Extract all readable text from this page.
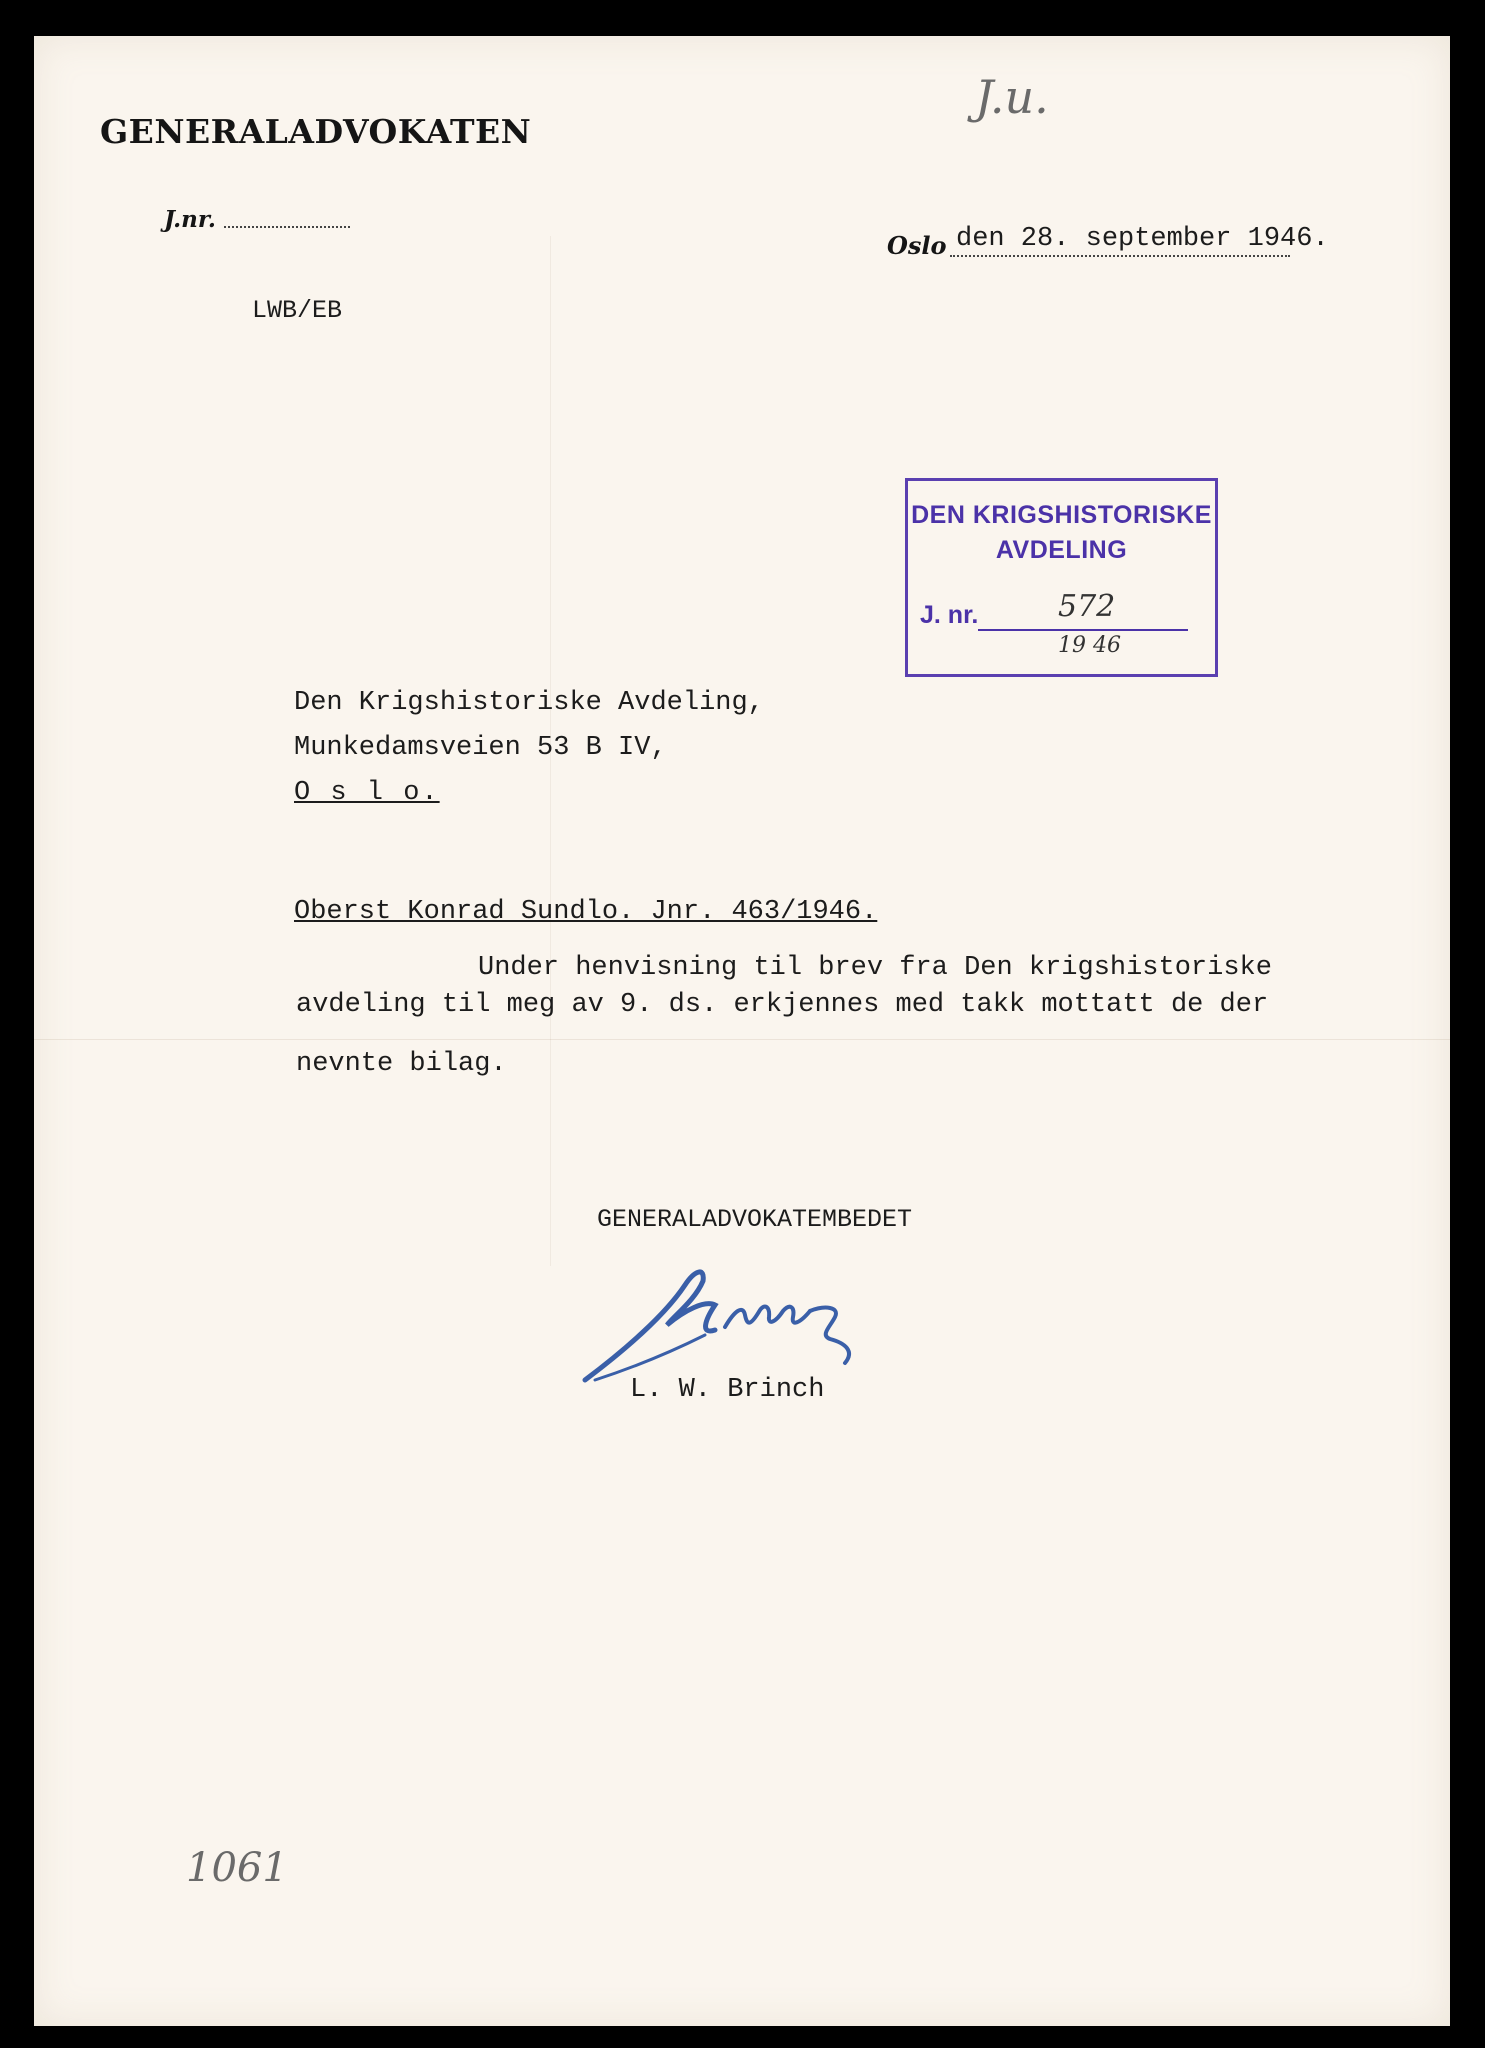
GENERALADVOKATEN
J.nr.
LWB/EB
J.u.
Oslo den 28. september 1946.
DEN KRIGSHISTORISKE
AVDELING
J. nr.	572
19 46
Den Krigshistoriske Avdeling,
Munkedamsveien 53 B IV,
O s l o.
Oberst Konrad Sundlo. Jnr. 463/1946.
Under henvisning til brev fra Den krigshistoriske
avdeling til meg av 9. ds. erkjennes med takk mottatt de der
nevnte bilag.
GENERALADVOKATEMBEDET
L. W. Brinch
1061
